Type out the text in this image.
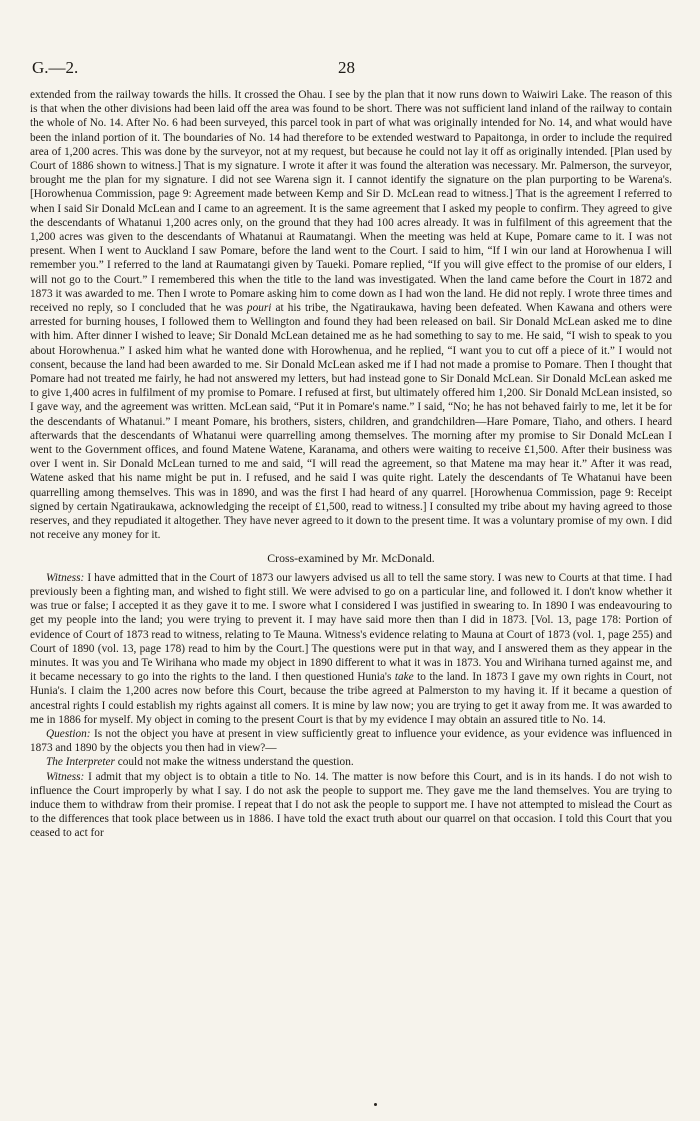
G.—2.	28

extended from the railway towards the hills. It crossed the Ohau. I see by the plan that it now runs down to Waiwiri Lake. The reason of this is that when the other divisions had been laid off the area was found to be short. There was not sufficient land inland of the railway to contain the whole of No. 14. After No. 6 had been surveyed, this parcel took in part of what was originally intended for No. 14, and what would have been the inland portion of it. The boundaries of No. 14 had therefore to be extended westward to Papaitonga, in order to include the required area of 1,200 acres. This was done by the surveyor, not at my request, but because he could not lay it off as originally intended. [Plan used by Court of 1886 shown to witness.] That is my signature. I wrote it after it was found the alteration was necessary. Mr. Palmerson, the surveyor, brought me the plan for my signature. I did not see Warena sign it. I cannot identify the signature on the plan purporting to be Warena's. [Horowhenua Commission, page 9: Agreement made between Kemp and Sir D. McLean read to witness.] That is the agreement I referred to when I said Sir Donald McLean and I came to an agreement. It is the same agreement that I asked my people to confirm. They agreed to give the descendants of Whatanui 1,200 acres only, on the ground that they had 100 acres already. It was in fulfilment of this agreement that the 1,200 acres was given to the descendants of Whatanui at Raumatangi. When the meeting was held at Kupe, Pomare came to it. I was not present. When I went to Auckland I saw Pomare, before the land went to the Court. I said to him, “If I win our land at Horowhenua I will remember you.” I referred to the land at Raumatangi given by Taueki. Pomare replied, “If you will give effect to the promise of our elders, I will not go to the Court.” I remembered this when the title to the land was investigated. When the land came before the Court in 1872 and 1873 it was awarded to me. Then I wrote to Pomare asking him to come down as I had won the land. He did not reply. I wrote three times and received no reply, so I concluded that he was pouri at his tribe, the Ngatiraukawa, having been defeated. When Kawana and others were arrested for burning houses, I followed them to Wellington and found they had been released on bail. Sir Donald McLean asked me to dine with him. After dinner I wished to leave; Sir Donald McLean detained me as he had something to say to me. He said, “I wish to speak to you about Horowhenua.” I asked him what he wanted done with Horowhenua, and he replied, “I want you to cut off a piece of it.” I would not consent, because the land had been awarded to me. Sir Donald McLean asked me if I had not made a promise to Pomare. Then I thought that Pomare had not treated me fairly, he had not answered my letters, but had instead gone to Sir Donald McLean. Sir Donald McLean asked me to give 1,400 acres in fulfilment of my promise to Pomare. I refused at first, but ultimately offered him 1,200. Sir Donald McLean insisted, so I gave way, and the agreement was written. McLean said, “Put it in Pomare's name.” I said, “No; he has not behaved fairly to me, let it be for the descendants of Whatanui.” I meant Pomare, his brothers, sisters, children, and grandchildren—Hare Pomare, Tiaho, and others. I heard afterwards that the descendants of Whatanui were quarrelling among themselves. The morning after my promise to Sir Donald McLean I went to the Government offices, and found Matene Watene, Karanama, and others were waiting to receive £1,500. After their business was over I went in. Sir Donald McLean turned to me and said, “I will read the agreement, so that Matene ma may hear it.” After it was read, Watene asked that his name might be put in. I refused, and he said I was quite right. Lately the descendants of Te Whatanui have been quarrelling among themselves. This was in 1890, and was the first I had heard of any quarrel. [Horowhenua Commission, page 9: Receipt signed by certain Ngatiraukawa, acknowledging the receipt of £1,500, read to witness.] I consulted my tribe about my having agreed to those reserves, and they repudiated it altogether. They have never agreed to it down to the present time. It was a voluntary promise of my own. I did not receive any money for it.

Cross-examined by Mr. McDonald.

Witness: I have admitted that in the Court of 1873 our lawyers advised us all to tell the same story. I was new to Courts at that time. I had previously been a fighting man, and wished to fight still. We were advised to go on a particular line, and followed it. I don't know whether it was true or false; I accepted it as they gave it to me. I swore what I considered I was justified in swearing to. In 1890 I was endeavouring to get my people into the land; you were trying to prevent it. I may have said more then than I did in 1873. [Vol. 13, page 178: Portion of evidence of Court of 1873 read to witness, relating to Te Mauna. Witness's evidence relating to Mauna at Court of 1873 (vol. 1, page 255) and Court of 1890 (vol. 13, page 178) read to him by the Court.] The questions were put in that way, and I answered them as they appear in the minutes. It was you and Te Wirihana who made my object in 1890 different to what it was in 1873. You and Wirihana turned against me, and it became necessary to go into the rights to the land. I then questioned Hunia's take to the land. In 1873 I gave my own rights in Court, not Hunia's. I claim the 1,200 acres now before this Court, because the tribe agreed at Palmerston to my having it. If it became a question of ancestral rights I could establish my rights against all comers. It is mine by law now; you are trying to get it away from me. It was awarded to me in 1886 for myself. My object in coming to the present Court is that by my evidence I may obtain an assured title to No. 14.

Question: Is not the object you have at present in view sufficiently great to influence your evidence, as your evidence was influenced in 1873 and 1890 by the objects you then had in view?—

The Interpreter could not make the witness understand the question.

Witness: I admit that my object is to obtain a title to No. 14. The matter is now before this Court, and is in its hands. I do not wish to influence the Court improperly by what I say. I do not ask the people to support me. They gave me the land themselves. You are trying to induce them to withdraw from their promise. I repeat that I do not ask the people to support me. I have not attempted to mislead the Court as to the differences that took place between us in 1886. I have told the exact truth about our quarrel on that occasion. I told this Court that you ceased to act for
